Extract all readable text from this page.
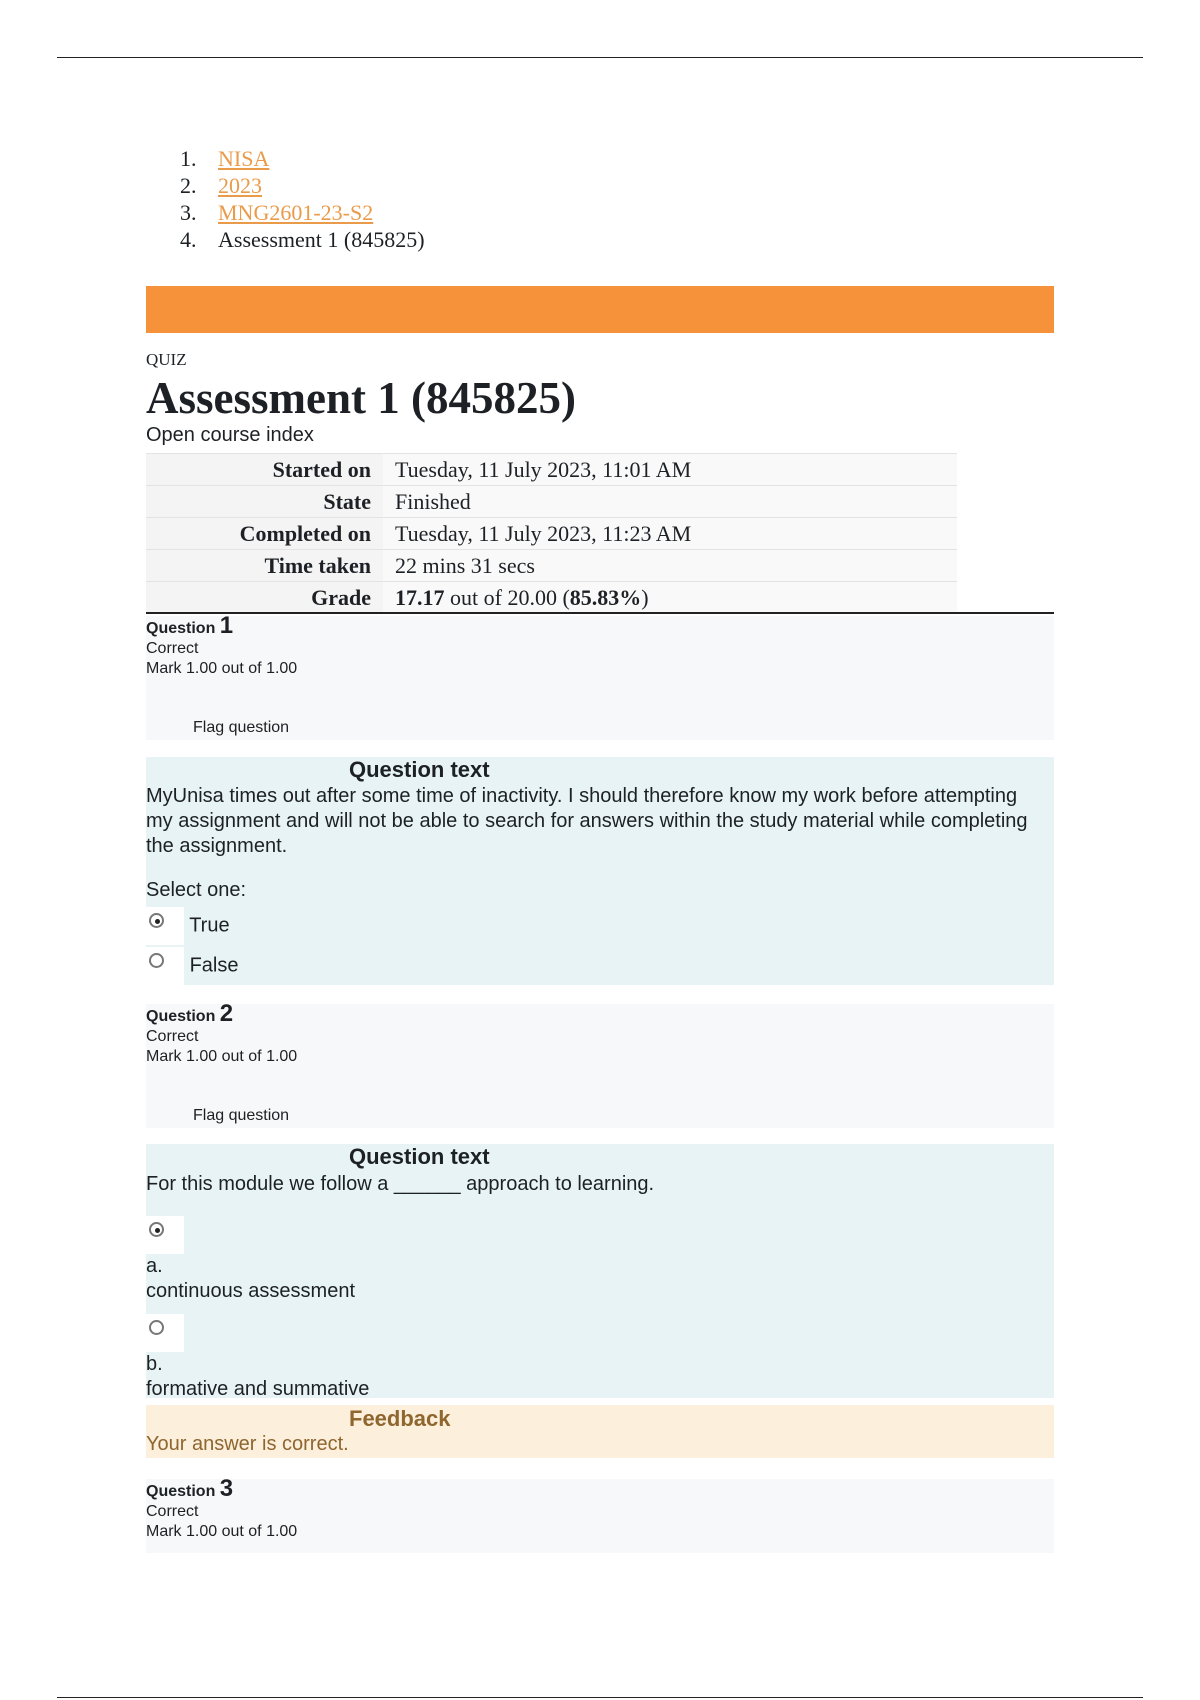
1. NISA
2. 2023
3. MNG2601-23-S2
4. Assessment 1 (845825)
QUIZ
Assessment 1 (845825)
Open course index
Started on	Tuesday, 11 July 2023, 11:01 AM
State	Finished
Completed on	Tuesday, 11 July 2023, 11:23 AM
Time taken	22 mins 31 secs
Grade	17.17 out of 20.00 (85.83%)
Question 1
Correct
Mark 1.00 out of 1.00
Flag question
Question text
MyUnisa times out after some time of inactivity. I should therefore know my work before attempting my assignment and will not be able to search for answers within the study material while completing the assignment.
Select one:
True
False
Question 2
Correct
Mark 1.00 out of 1.00
Flag question
Question text
For this module we follow a ______ approach to learning.
a.
continuous assessment
b.
formative and summative
Feedback
Your answer is correct.
Question 3
Correct
Mark 1.00 out of 1.00
